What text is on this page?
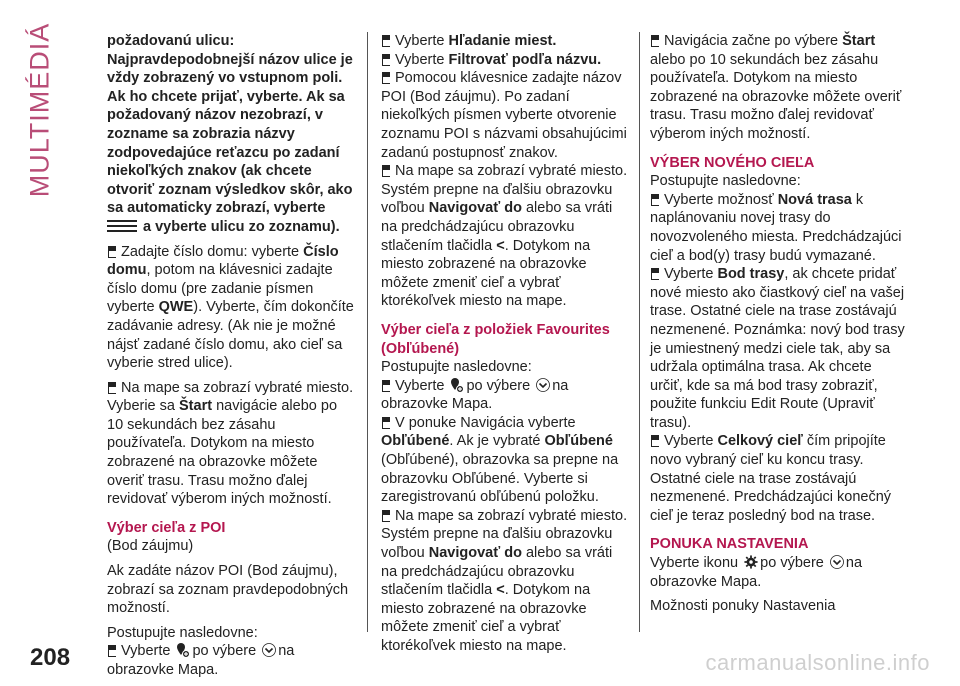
MULTIMÉDIÁ	požadovanú ulicu: Najpravdepodobnejší názov ulice je vždy zobrazený vo vstupnom poli. Ak ho chcete prijať, vyberte. Ak sa požadovaný názov nezobrazí, v zozname sa zobrazia názvy zodpovedajúce reťazcu po zadaní niekoľkých znakov (ak chcete otvoriť zoznam výsledkov skôr, ako sa automaticky zobrazí, vyberte
a vyberte ulicu zo zoznamu).

Zadajte číslo domu: vyberte Číslo domu, potom na klávesnici zadajte číslo domu (pre zadanie písmen vyberte QWE). Vyberte, čím dokončíte zadávanie adresy. (Ak nie je možné nájsť zadané číslo domu, ako cieľ sa vyberie stred ulice).

Na mape sa zobrazí vybraté miesto. Vyberie sa Štart navigácie alebo po 10 sekundách bez zásahu používateľa. Dotykom na miesto zobrazené na obrazovke môžete overiť trasu. Trasu možno ďalej revidovať výberom iných možností.

Výber cieľa z POI

(Bod záujmu)

Ak zadáte názov POI (Bod záujmu), zobrazí sa zoznam pravdepodobných možností.

Postupujte nasledovne:
Vyberte po výbere na obrazovke Mapa.

Vyberte Hľadanie miest.

Vyberte Filtrovať podľa názvu.

Pomocou klávesnice zadajte názov POI (Bod záujmu). Po zadaní niekoľkých písmen vyberte otvorenie zoznamu POI s názvami obsahujúcimi zadanú postupnosť znakov.

Na mape sa zobrazí vybraté miesto. Systém prepne na ďalšiu obrazovku voľbou Navigovať do alebo sa vráti na predchádzajúcu obrazovku stlačením tlačidla <. Dotykom na miesto zobrazené na obrazovke môžete zmeniť cieľ a vybrať ktorékoľvek miesto na mape.

Výber cieľa z položiek Favourites (Obľúbené)

Postupujte nasledovne:

Vyberte po výbere na obrazovke Mapa.

V ponuke Navigácia vyberte Obľúbené. Ak je vybraté Obľúbené (Obľúbené), obrazovka sa prepne na obrazovku Obľúbené. Vyberte si zaregistrovanú obľúbenú položku.

Na mape sa zobrazí vybraté miesto. Systém prepne na ďalšiu obrazovku voľbou Navigovať do alebo sa vráti na predchádzajúcu obrazovku stlačením tlačidla <. Dotykom na miesto zobrazené na obrazovke môžete zmeniť cieľ a vybrať ktorékoľvek miesto na mape.

Navigácia začne po výbere Štart alebo po 10 sekundách bez zásahu používateľa. Dotykom na miesto zobrazené na obrazovke môžete overiť trasu. Trasu možno ďalej revidovať výberom iných možností.

VÝBER NOVÉHO CIEĽA

Postupujte nasledovne:

Vyberte možnosť Nová trasa k naplánovaniu novej trasy do novozvoleného miesta. Predchádzajúci cieľ a bod(y) trasy budú vymazané.

Vyberte Bod trasy, ak chcete pridať nové miesto ako čiastkový cieľ na vašej trase. Ostatné ciele na trase zostávajú nezmenené. Poznámka: nový bod trasy je umiestnený medzi ciele tak, aby sa udržala optimálna trasa. Ak chcete určiť, kde sa má bod trasy zobraziť, použite funkciu Edit Route (Upraviť trasu).

Vyberte Celkový cieľ čím pripojíte novo vybraný cieľ ku koncu trasy. Ostatné ciele na trase zostávajú nezmenené. Predchádzajúci konečný cieľ je teraz posledný bod na trase.

PONUKA NASTAVENIA

Vyberte ikonu po výbere na obrazovke Mapa.

Možnosti ponuky Nastavenia

208	carmanualsonline.info
